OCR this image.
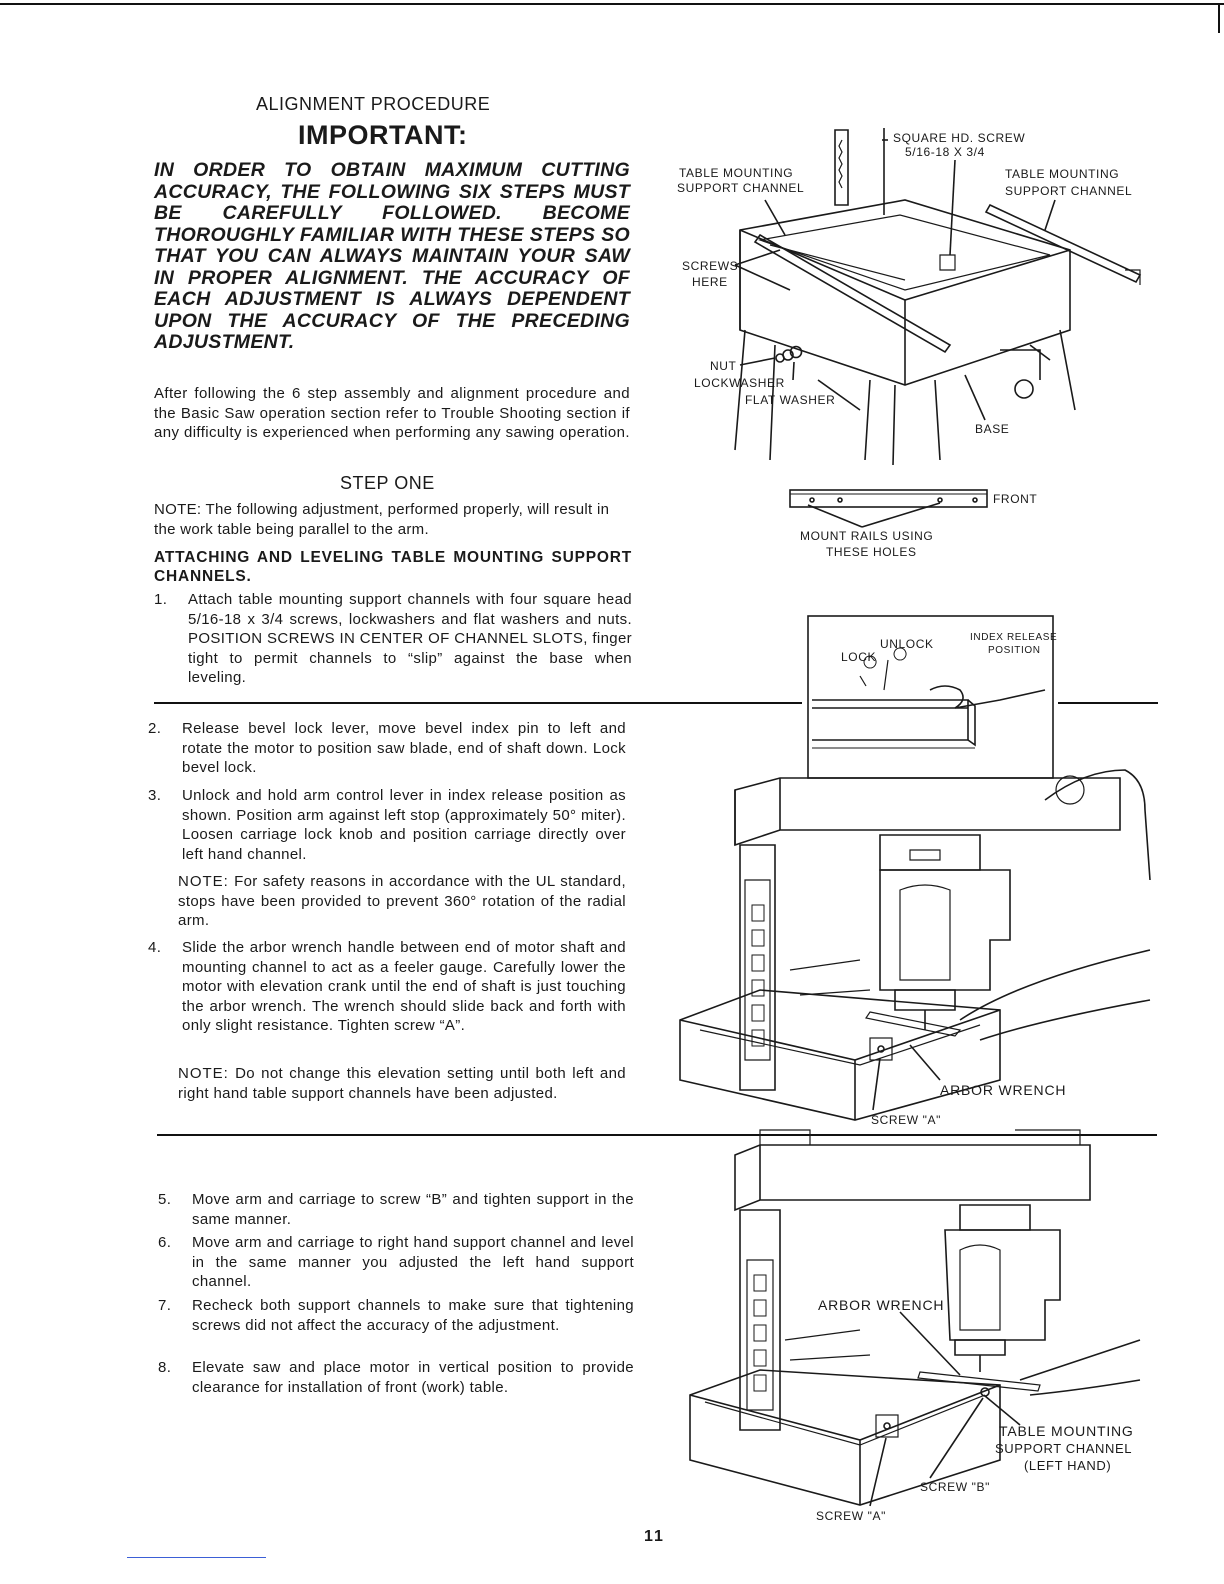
ALIGNMENT PROCEDURE
IMPORTANT:
IN ORDER TO OBTAIN MAXIMUM CUTTING ACCURACY, THE FOLLOWING SIX STEPS MUST BE CAREFULLY FOLLOWED. BECOME THOROUGHLY FAMILIAR WITH THESE STEPS SO THAT YOU CAN ALWAYS MAINTAIN YOUR SAW IN PROPER ALIGNMENT. THE ACCURACY OF EACH ADJUSTMENT IS ALWAYS DEPENDENT UPON THE ACCURACY OF THE PRECEDING ADJUSTMENT.
After following the 6 step assembly and alignment procedure and the Basic Saw operation section refer to Trouble Shooting section if any difficulty is experienced when performing any sawing operation.
STEP ONE
NOTE: The following adjustment, performed properly, will result in the work table being parallel to the arm.
ATTACHING AND LEVELING TABLE MOUNTING SUPPORT CHANNELS.
1. Attach table mounting support channels with four square head 5/16-18 x 3/4 screws, lockwashers and flat washers and nuts. POSITION SCREWS IN CENTER OF CHANNEL SLOTS, finger tight to permit channels to “slip” against the base when leveling.
2. Release bevel lock lever, move bevel index pin to left and rotate the motor to position saw blade, end of shaft down. Lock bevel lock.
3. Unlock and hold arm control lever in index release position as shown. Position arm against left stop (approximately 50° miter). Loosen carriage lock knob and position carriage directly over left hand channel.
NOTE: For safety reasons in accordance with the UL standard, stops have been provided to prevent 360° rotation of the radial arm.
4. Slide the arbor wrench handle between end of motor shaft and mounting channel to act as a feeler gauge. Carefully lower the motor with elevation crank until the end of shaft is just touching the arbor wrench. The wrench should slide back and forth with only slight resistance. Tighten screw “A”.
NOTE: Do not change this elevation setting until both left and right hand table support channels have been adjusted.
5. Move arm and carriage to screw “B” and tighten support in the same manner.
6. Move arm and carriage to right hand support channel and level in the same manner you adjusted the left hand support channel.
7. Recheck both support channels to make sure that tightening screws did not affect the accuracy of the adjustment.
8. Elevate saw and place motor in vertical position to provide clearance for installation of front (work) table.
11
SQUARE HD. SCREW
5/16-18 X 3/4
TABLE MOUNTING
SUPPORT CHANNEL
TABLE MOUNTING
SUPPORT CHANNEL
SCREWS
HERE
NUT
LOCKWASHER
FLAT WASHER
BASE
FRONT
MOUNT RAILS USING
THESE HOLES
INDEX RELEASE
POSITION
UNLOCK
LOCK
ARBOR WRENCH
SCREW "A"
ARBOR WRENCH
TABLE MOUNTING
SUPPORT CHANNEL
(LEFT HAND)
SCREW "B"
SCREW "A"
